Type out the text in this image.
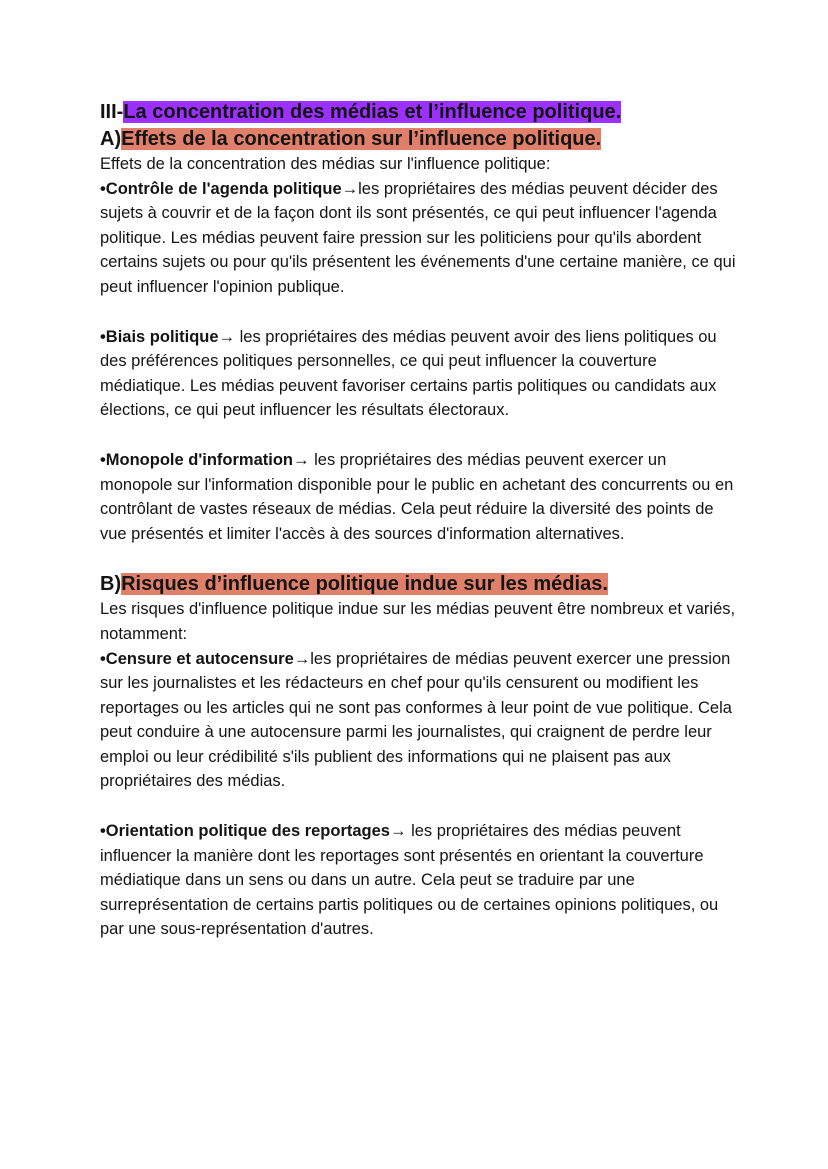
III-La concentration des médias et l’influence politique.
A)Effets de la concentration sur l’influence politique.

Effets de la concentration des médias sur l'influence politique:
•Contrôle de l'agenda politique→les propriétaires des médias peuvent décider des sujets à couvrir et de la façon dont ils sont présentés, ce qui peut influencer l'agenda politique. Les médias peuvent faire pression sur les politiciens pour qu'ils abordent certains sujets ou pour qu'ils présentent les événements d'une certaine manière, ce qui peut influencer l'opinion publique.

•Biais politique→ les propriétaires des médias peuvent avoir des liens politiques ou des préférences politiques personnelles, ce qui peut influencer la couverture médiatique. Les médias peuvent favoriser certains partis politiques ou candidats aux élections, ce qui peut influencer les résultats électoraux.

•Monopole d'information→ les propriétaires des médias peuvent exercer un monopole sur l'information disponible pour le public en achetant des concurrents ou en contrôlant de vastes réseaux de médias. Cela peut réduire la diversité des points de vue présentés et limiter l'accès à des sources d'information alternatives.

B)Risques d’influence politique indue sur les médias.

Les risques d'influence politique indue sur les médias peuvent être nombreux et variés, notamment:
•Censure et autocensure→les propriétaires de médias peuvent exercer une pression sur les journalistes et les rédacteurs en chef pour qu'ils censurent ou modifient les reportages ou les articles qui ne sont pas conformes à leur point de vue politique. Cela peut conduire à une autocensure parmi les journalistes, qui craignent de perdre leur emploi ou leur crédibilité s'ils publient des informations qui ne plaisent pas aux propriétaires des médias.

•Orientation politique des reportages→ les propriétaires des médias peuvent influencer la manière dont les reportages sont présentés en orientant la couverture médiatique dans un sens ou dans un autre. Cela peut se traduire par une surreprésentation de certains partis politiques ou de certaines opinions politiques, ou par une sous-représentation d'autres.
